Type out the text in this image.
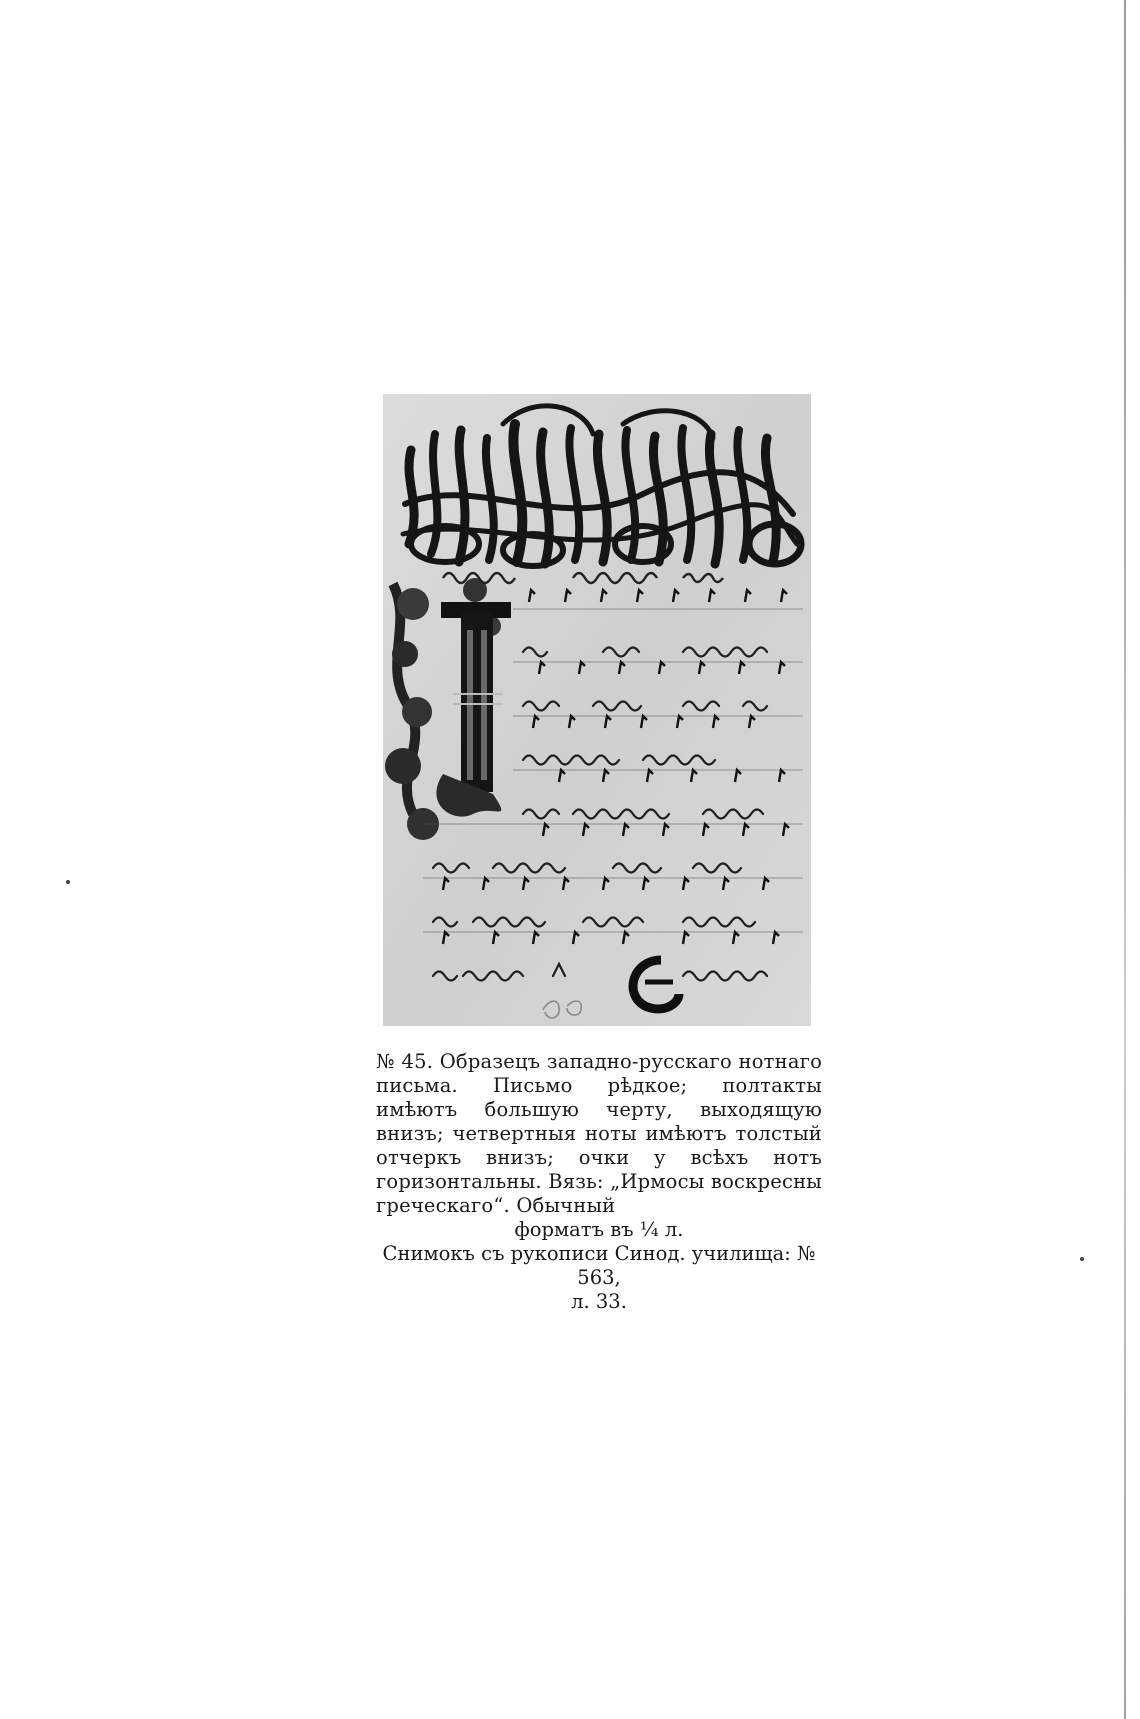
№ 45. Образецъ западно-русскаго нотнаго письма. Письмо рѣдкое; полтакты имѣютъ большую черту, выходящую внизъ; четвертныя ноты имѣютъ толстый отчеркъ внизъ; очки у всѣхъ нотъ горизонтальны. Вязь: „Ирмосы воскресны греческаго“. Обычный
форматъ въ ¼ л.
Снимокъ съ рукописи Синод. училища: № 563,
л. 33.
